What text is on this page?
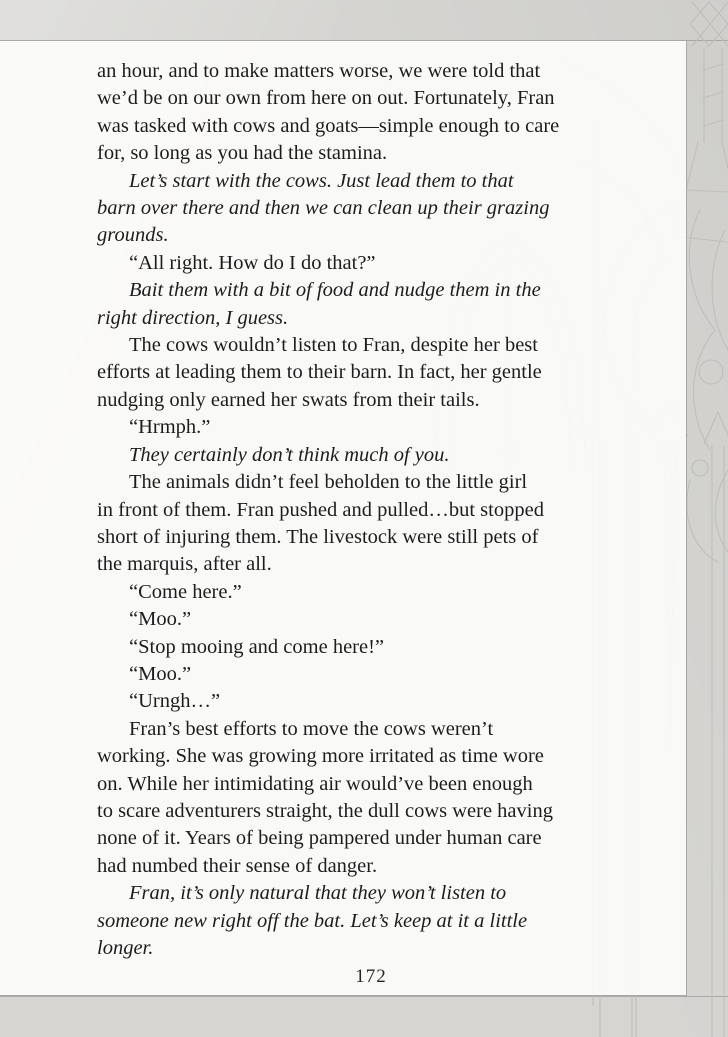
an hour, and to make matters worse, we were told that
we’d be on our own from here on out. Fortunately, Fran
was tasked with cows and goats—simple enough to care
for, so long as you had the stamina.
Let’s start with the cows. Just lead them to that
barn over there and then we can clean up their grazing
grounds.
“All right. How do I do that?”
Bait them with a bit of food and nudge them in the
right direction, I guess.
The cows wouldn’t listen to Fran, despite her best
efforts at leading them to their barn. In fact, her gentle
nudging only earned her swats from their tails.
“Hrmph.”
They certainly don’t think much of you.
The animals didn’t feel beholden to the little girl
in front of them. Fran pushed and pulled…but stopped
short of injuring them. The livestock were still pets of
the marquis, after all.
“Come here.”
“Moo.”
“Stop mooing and come here!”
“Moo.”
“Urngh…”
Fran’s best efforts to move the cows weren’t
working. She was growing more irritated as time wore
on. While her intimidating air would’ve been enough
to scare adventurers straight, the dull cows were having
none of it. Years of being pampered under human care
had numbed their sense of danger.
Fran, it’s only natural that they won’t listen to
someone new right off the bat. Let’s keep at it a little
longer.
172
